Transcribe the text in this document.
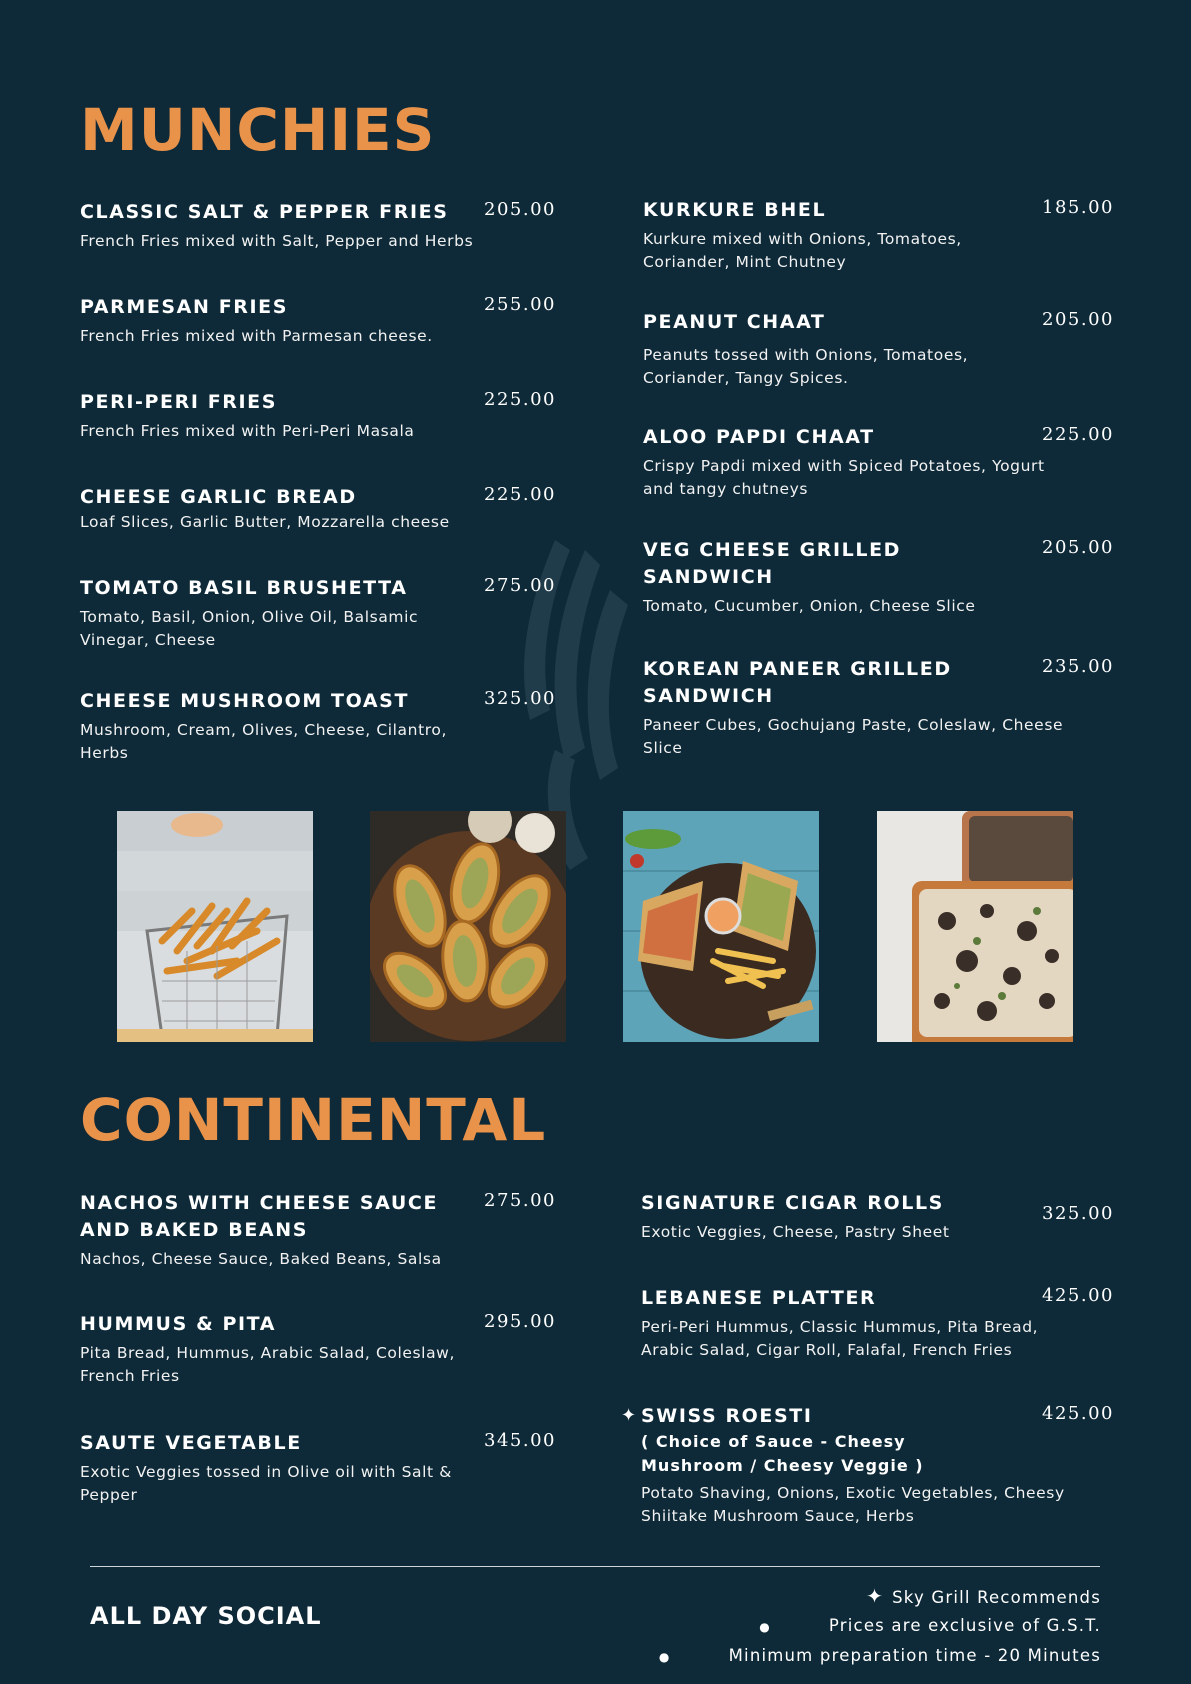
MUNCHIES
CLASSIC SALT & PEPPER FRIES	205.00
French Fries mixed with Salt, Pepper and Herbs
PARMESAN FRIES	255.00
French Fries mixed with Parmesan cheese.
PERI-PERI FRIES	225.00
French Fries mixed with Peri-Peri Masala
CHEESE GARLIC BREAD	225.00
Loaf Slices, Garlic Butter, Mozzarella cheese
TOMATO BASIL BRUSHETTA	275.00
Tomato, Basil, Onion, Olive Oil, Balsamic Vinegar, Cheese
CHEESE MUSHROOM TOAST	325.00
Mushroom, Cream, Olives, Cheese, Cilantro, Herbs
KURKURE BHEL	185.00
Kurkure mixed with Onions, Tomatoes, Coriander, Mint Chutney
PEANUT CHAAT	205.00
Peanuts tossed with Onions, Tomatoes, Coriander, Tangy Spices.
ALOO PAPDI CHAAT	225.00
Crispy Papdi mixed with Spiced Potatoes, Yogurt and tangy chutneys
VEG CHEESE GRILLED SANDWICH
205.00
Tomato, Cucumber, Onion, Cheese Slice
KOREAN PANEER GRILLED SANDWICH
235.00
Paneer Cubes, Gochujang Paste, Coleslaw, Cheese Slice
CONTINENTAL
NACHOS WITH CHEESE SAUCE AND BAKED BEANS
275.00
Nachos, Cheese Sauce, Baked Beans, Salsa
HUMMUS & PITA	295.00
Pita Bread, Hummus, Arabic Salad, Coleslaw, French Fries
SAUTE VEGETABLE	345.00
Exotic Veggies tossed in Olive oil with Salt & Pepper
SIGNATURE CIGAR ROLLS	325.00
Exotic Veggies, Cheese, Pastry Sheet
LEBANESE PLATTER	425.00
Peri-Peri Hummus, Classic Hummus, Pita Bread, Arabic Salad, Cigar Roll, Falafal, French Fries
✦ SWISS ROESTI	425.00
( Choice of Sauce - Cheesy Mushroom / Cheesy Veggie )
Potato Shaving, Onions, Exotic Vegetables, Cheesy Shiitake Mushroom Sauce, Herbs
ALL DAY SOCIAL
✦ Sky Grill Recommends
●	Prices are exclusive of G.S.T.
●	Minimum preparation time - 20 Minutes
